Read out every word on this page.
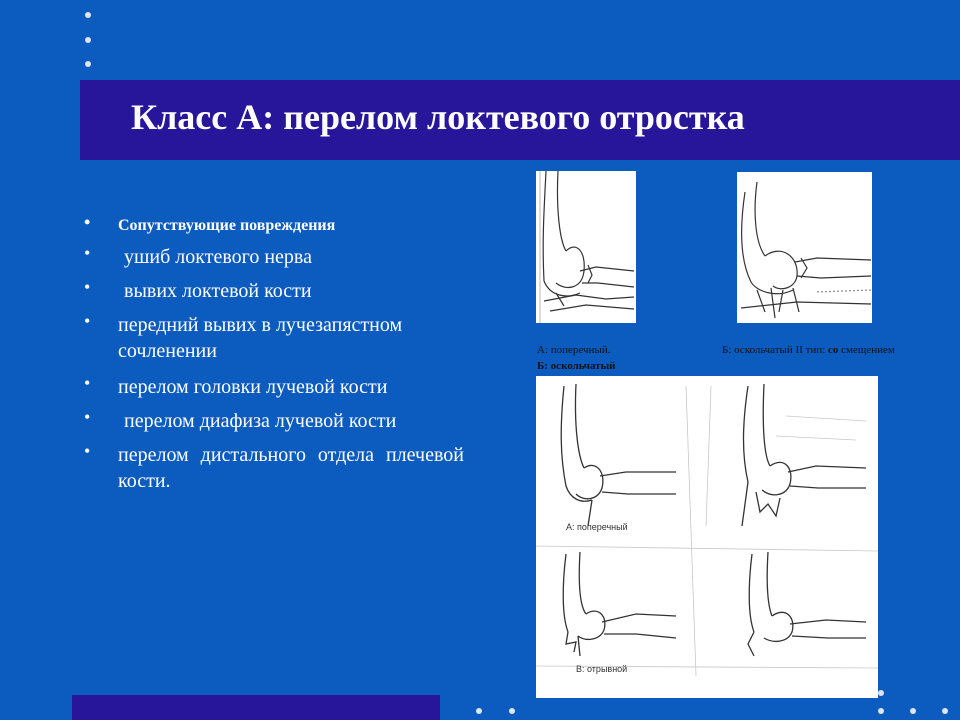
Класс А: перелом локтевого отростка
• Сопутствующие повреждения
• ушиб локтевого нерва
• вывих локтевой кости
• передний вывих в лучезапястном сочленении
• перелом головки лучевой кости
• перелом диафиза лучевой кости
• перелом дистального отдела плечевой кости.
А: поперечный.	Б: оскольчатый II тип: со смещением
Б: оскольчатый
А: поперечный
В: отрывной
